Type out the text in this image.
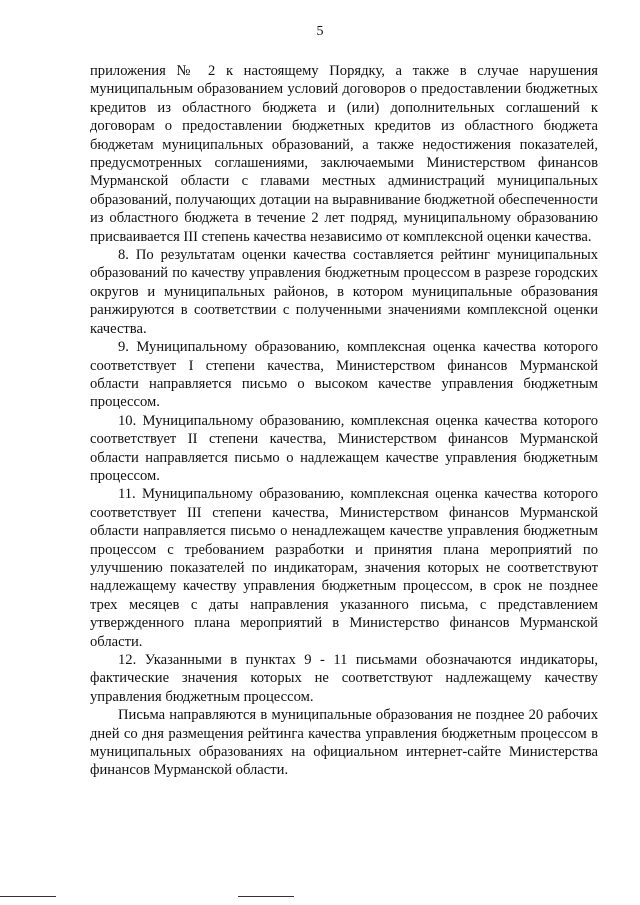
5

приложения № 2 к настоящему Порядку, а также в случае нарушения муниципальным образованием условий договоров о предоставлении бюджетных кредитов из областного бюджета и (или) дополнительных соглашений к договорам о предоставлении бюджетных кредитов из областного бюджета бюджетам муниципальных образований, а также недостижения показателей, предусмотренных соглашениями, заключаемыми Министерством финансов Мурманской области с главами местных администраций муниципальных образований, получающих дотации на выравнивание бюджетной обеспеченности из областного бюджета в течение 2 лет подряд, муниципальному образованию присваивается III степень качества независимо от комплексной оценки качества.

8. По результатам оценки качества составляется рейтинг муниципальных образований по качеству управления бюджетным процессом в разрезе городских округов и муниципальных районов, в котором муниципальные образования ранжируются в соответствии с полученными значениями комплексной оценки качества.

9. Муниципальному образованию, комплексная оценка качества которого соответствует I степени качества, Министерством финансов Мурманской области направляется письмо о высоком качестве управления бюджетным процессом.

10. Муниципальному образованию, комплексная оценка качества которого соответствует II степени качества, Министерством финансов Мурманской области направляется письмо о надлежащем качестве управления бюджетным процессом.

11. Муниципальному образованию, комплексная оценка качества которого соответствует III степени качества, Министерством финансов Мурманской области направляется письмо о ненадлежащем качестве управления бюджетным процессом с требованием разработки и принятия плана мероприятий по улучшению показателей по индикаторам, значения которых не соответствуют надлежащему качеству управления бюджетным процессом, в срок не позднее трех месяцев с даты направления указанного письма, с представлением утвержденного плана мероприятий в Министерство финансов Мурманской области.

12. Указанными в пунктах 9 - 11 письмами обозначаются индикаторы, фактические значения которых не соответствуют надлежащему качеству управления бюджетным процессом.

Письма направляются в муниципальные образования не позднее 20 рабочих дней со дня размещения рейтинга качества управления бюджетным процессом в муниципальных образованиях на официальном интернет-сайте Министерства финансов Мурманской области.
